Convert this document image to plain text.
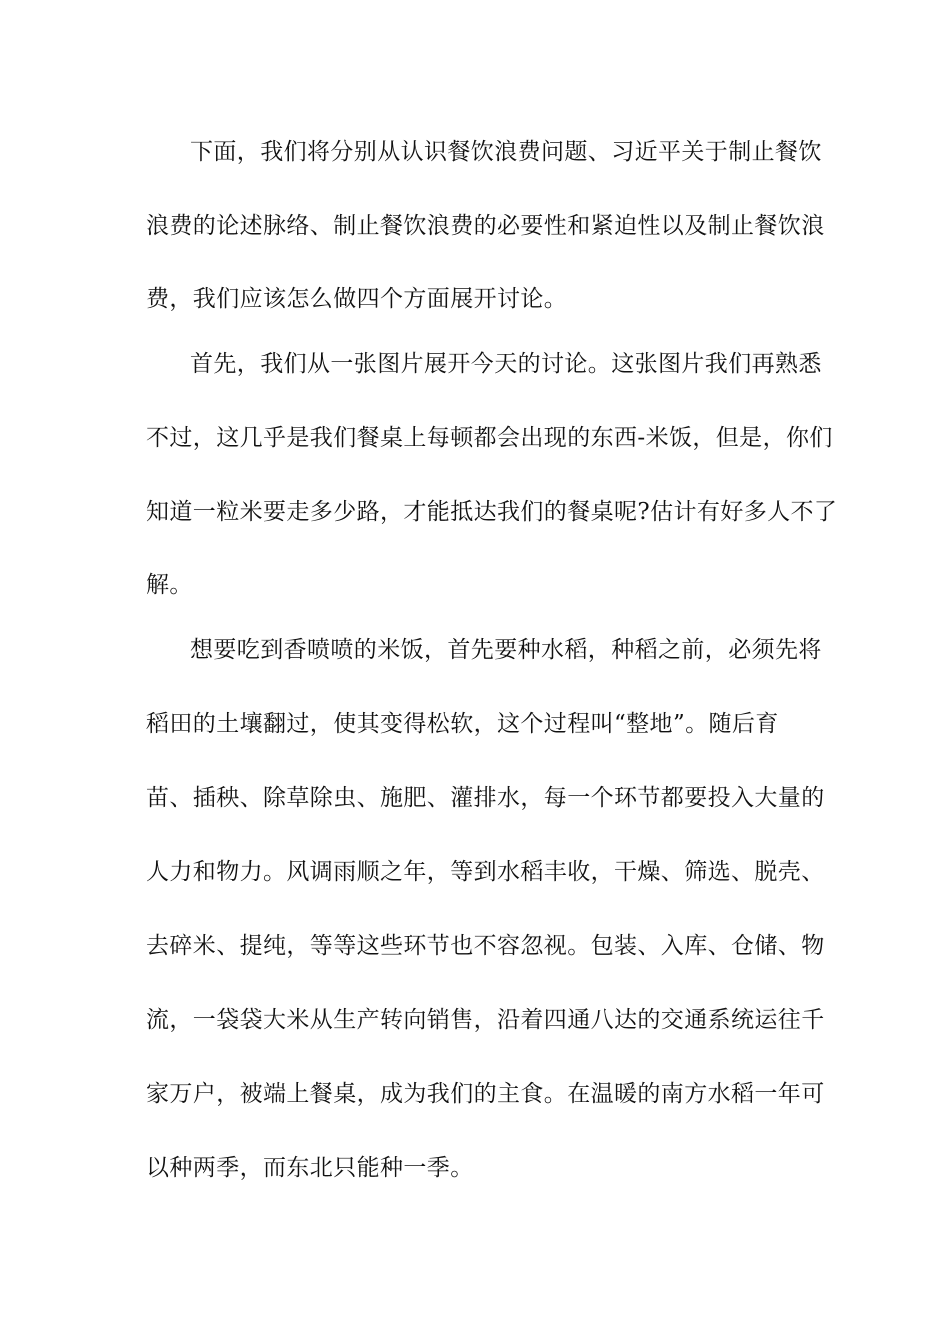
下面，我们将分别从认识餐饮浪费问题、习近平关于制止餐饮
浪费的论述脉络、制止餐饮浪费的必要性和紧迫性以及制止餐饮浪
费，我们应该怎么做四个方面展开讨论。
首先，我们从一张图片展开今天的讨论。这张图片我们再熟悉
不过，这几乎是我们餐桌上每顿都会出现的东西-米饭，但是，你们
知道一粒米要走多少路，才能抵达我们的餐桌呢?估计有好多人不了
解。
想要吃到香喷喷的米饭，首先要种水稻，种稻之前，必须先将
稻田的土壤翻过，使其变得松软，这个过程叫“整地”。随后育
苗、插秧、除草除虫、施肥、灌排水，每一个环节都要投入大量的
人力和物力。风调雨顺之年，等到水稻丰收，干燥、筛选、脱壳、
去碎米、提纯，等等这些环节也不容忽视。包装、入库、仓储、物
流，一袋袋大米从生产转向销售，沿着四通八达的交通系统运往千
家万户，被端上餐桌，成为我们的主食。在温暖的南方水稻一年可
以种两季，而东北只能种一季。
